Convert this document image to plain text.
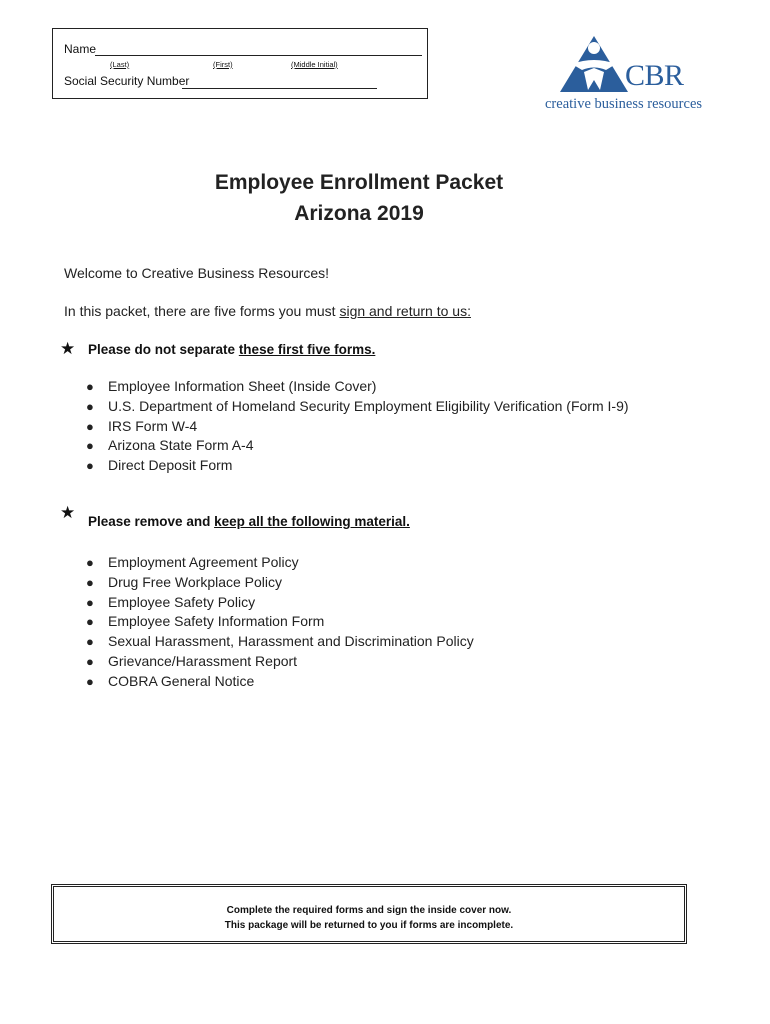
Name
(Last)	(First)	(Middle Initial)
Social Security Number	CBR
creative business resources
Employee Enrollment Packet
Arizona 2019
Welcome to Creative Business Resources!
In this packet, there are five forms you must sign and return to us:
★ Please do not separate these first five forms.
● Employee Information Sheet (Inside Cover)
● U.S. Department of Homeland Security Employment Eligibility Verification (Form I-9)
● IRS Form W-4
● Arizona State Form A-4
● Direct Deposit Form
★ Please remove and keep all the following material.
● Employment Agreement Policy
● Drug Free Workplace Policy
● Employee Safety Policy
● Employee Safety Information Form
● Sexual Harassment, Harassment and Discrimination Policy
● Grievance/Harassment Report
● COBRA General Notice
Complete the required forms and sign the inside cover now.
This package will be returned to you if forms are incomplete.
